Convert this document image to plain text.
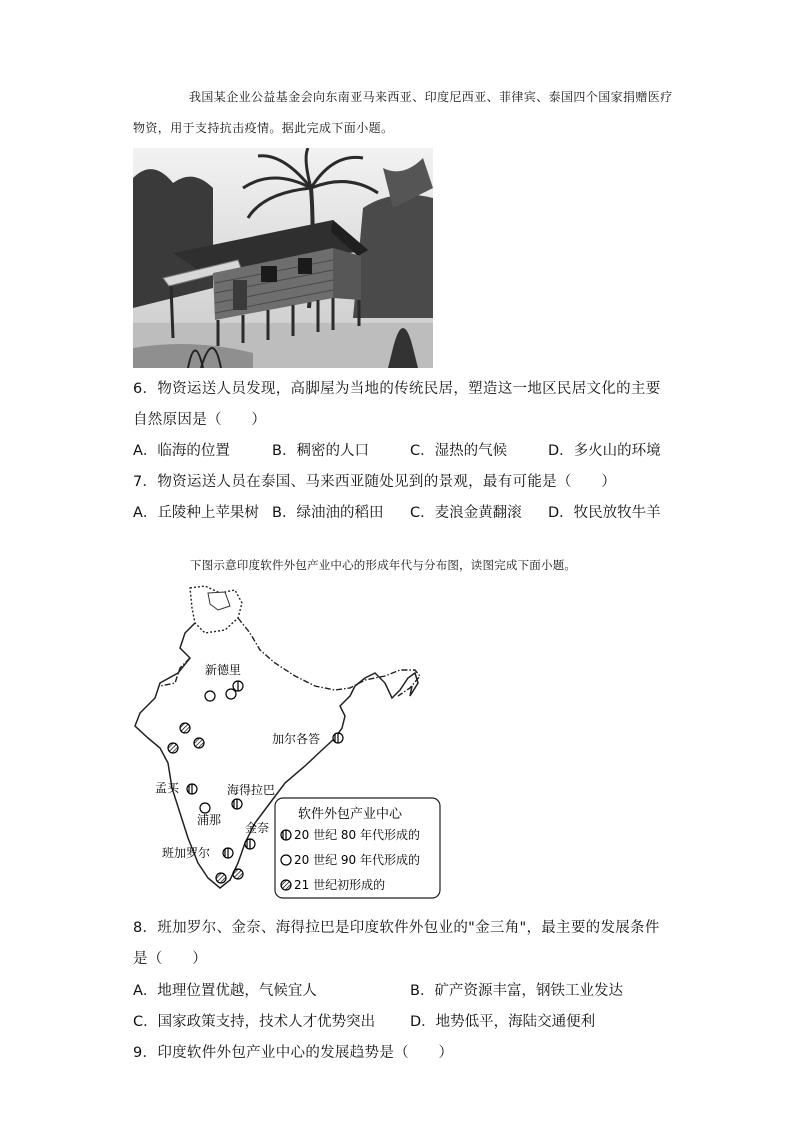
我国某企业公益基金会向东南亚马来西亚、印度尼西亚、菲律宾、泰国四个国家捐赠医疗物资，用于支持抗击疫情。据此完成下面小题。
6．物资运送人员发现，高脚屋为当地的传统民居，塑造这一地区民居文化的主要自然原因是（　　）
A．临海的位置	B．稠密的人口	C．湿热的气候	D．多火山的环境
7．物资运送人员在泰国、马来西亚随处见到的景观，最有可能是（　　）
A．丘陵种上苹果树 B．绿油油的稻田 C．麦浪金黄翻滚 D．牧民放牧牛羊
下图示意印度软件外包产业中心的形成年代与分布图，读图完成下面小题。
新德里
加尔各答
孟买	海得拉巴
浦那
金奈
班加罗尔
软件外包产业中心
20 世纪 80 年代形成的
20 世纪 90 年代形成的
21 世纪初形成的
8．班加罗尔、金奈、海得拉巴是印度软件外包业的"金三角"，最主要的发展条件是（　　）
A．地理位置优越，气候宜人	B．矿产资源丰富，钢铁工业发达
C．国家政策支持，技术人才优势突出 D．地势低平，海陆交通便利
9．印度软件外包产业中心的发展趋势是（　　）
